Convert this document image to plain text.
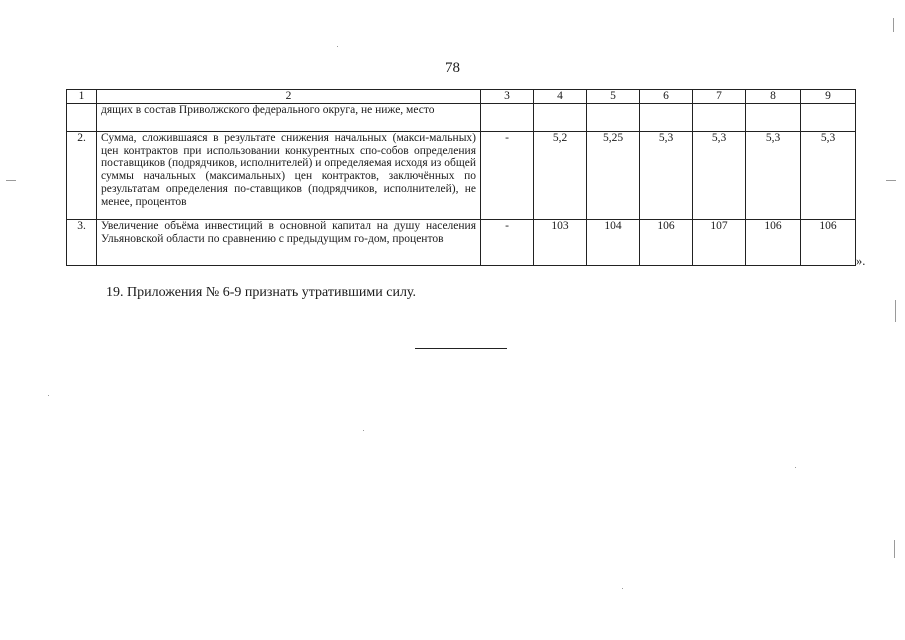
78
1	2	3	4	5	6	7	8	9
	дящих в состав Приволжского федерального округа, не ниже, место							
2.	Сумма, сложившаяся в результате снижения начальных (макси-мальных) цен контрактов при использовании конкурентных спо-собов определения поставщиков (подрядчиков, исполнителей) и определяемая исходя из общей суммы начальных (максимальных) цен контрактов, заключённых по результатам определения по-ставщиков (подрядчиков, исполнителей), не менее, процентов	-	5,2	5,25	5,3	5,3	5,3	5,3
3.	Увеличение объёма инвестиций в основной капитал на душу населения Ульяновской области по сравнению с предыдущим го-дом, процентов	-	103	104	106	107	106	106
».
19. Приложения № 6-9 признать утратившими силу.
